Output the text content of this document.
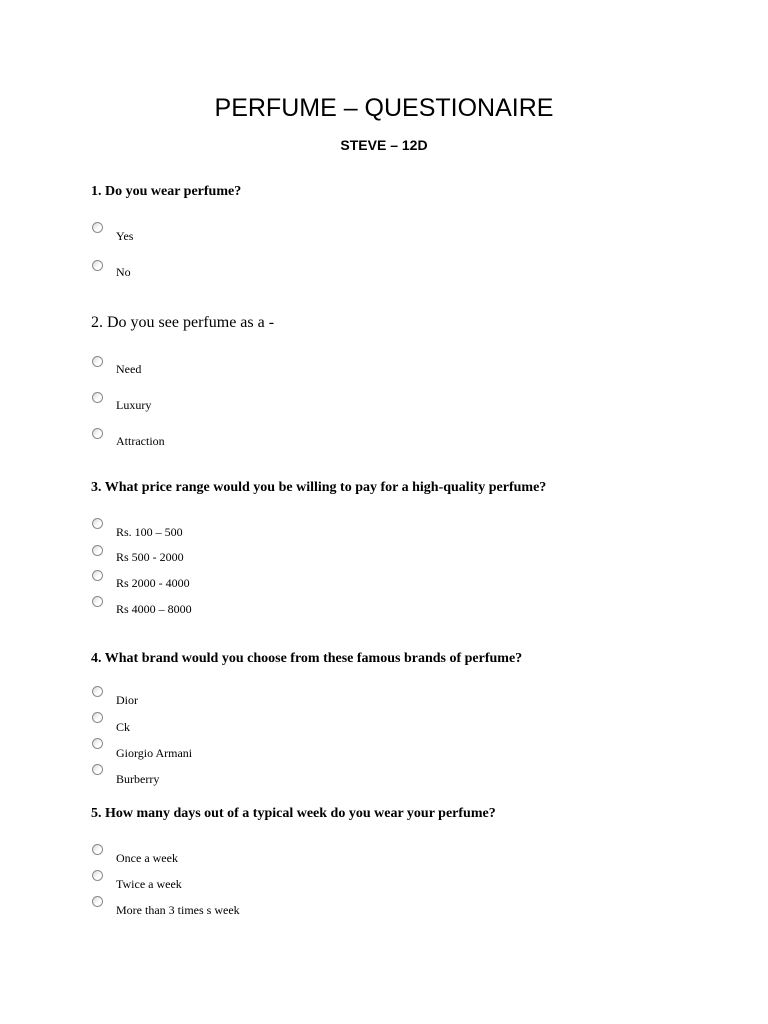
PERFUME – QUESTIONAIRE
STEVE – 12D
1. Do you wear perfume?
Yes
No
2. Do you see perfume as a -
Need
Luxury
Attraction
3. What price range would you be willing to pay for a high-quality perfume?
Rs. 100 – 500
Rs 500 - 2000
Rs 2000 - 4000
Rs 4000 – 8000
4. What brand would you choose from these famous brands of perfume?
Dior
Ck
Giorgio Armani
Burberry
5. How many days out of a typical week do you wear your perfume?
Once a week
Twice a week
More than 3 times s week
